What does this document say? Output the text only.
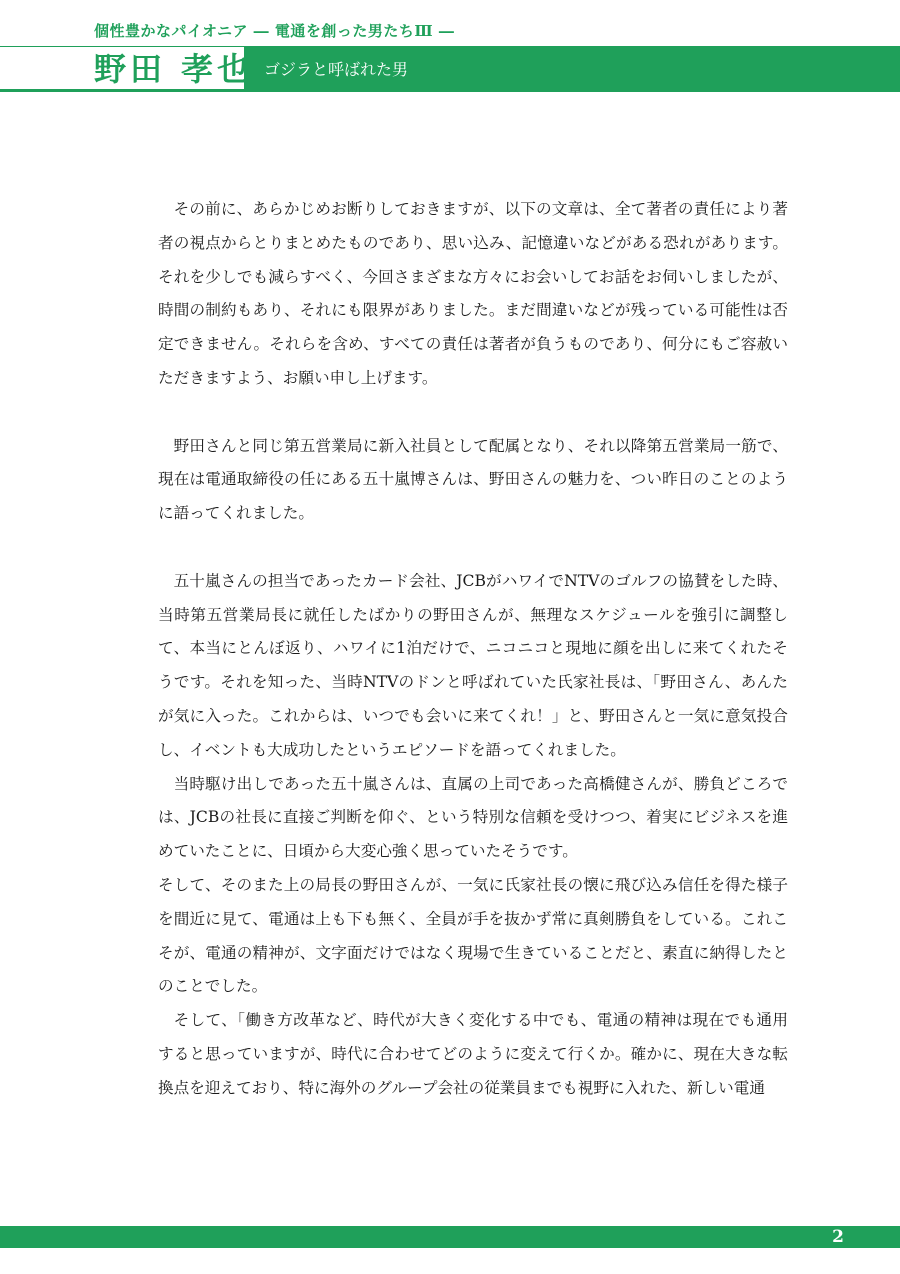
個性豊かなパイオニア ― 電通を創った男たちⅢ ―
野田 孝也 ゴジラと呼ばれた男

その前に、あらかじめお断りしておきますが、以下の文章は、全て著者の責任により著者の視点からとりまとめたものであり、思い込み、記憶違いなどがある恐れがあります。それを少しでも減らすべく、今回さまざまな方々にお会いしてお話をお伺いしましたが、時間の制約もあり、それにも限界がありました。まだ間違いなどが残っている可能性は否定できません。それらを含め、すべての責任は著者が負うものであり、何分にもご容赦いただきますよう、お願い申し上げます。

野田さんと同じ第五営業局に新入社員として配属となり、それ以降第五営業局一筋で、現在は電通取締役の任にある五十嵐博さんは、野田さんの魅力を、つい昨日のことのように語ってくれました。

五十嵐さんの担当であったカード会社、JCBがハワイでNTVのゴルフの協賛をした時、当時第五営業局長に就任したばかりの野田さんが、無理なスケジュールを強引に調整して、本当にとんぼ返り、ハワイに1泊だけで、ニコニコと現地に顔を出しに来てくれたそうです。それを知った、当時NTVのドンと呼ばれていた氏家社長は、「野田さん、あんたが気に入った。これからは、いつでも会いに来てくれ！」と、野田さんと一気に意気投合し、イベントも大成功したというエピソードを語ってくれました。

当時駆け出しであった五十嵐さんは、直属の上司であった高橋健さんが、勝負どころでは、JCBの社長に直接ご判断を仰ぐ、という特別な信頼を受けつつ、着実にビジネスを進めていたことに、日頃から大変心強く思っていたそうです。

そして、そのまた上の局長の野田さんが、一気に氏家社長の懐に飛び込み信任を得た様子を間近に見て、電通は上も下も無く、全員が手を抜かず常に真剣勝負をしている。これこそが、電通の精神が、文字面だけではなく現場で生きていることだと、素直に納得したとのことでした。

そして、「働き方改革など、時代が大きく変化する中でも、電通の精神は現在でも通用すると思っていますが、時代に合わせてどのように変えて行くか。確かに、現在大きな転換点を迎えており、特に海外のグループ会社の従業員までも視野に入れた、新しい電通

2
